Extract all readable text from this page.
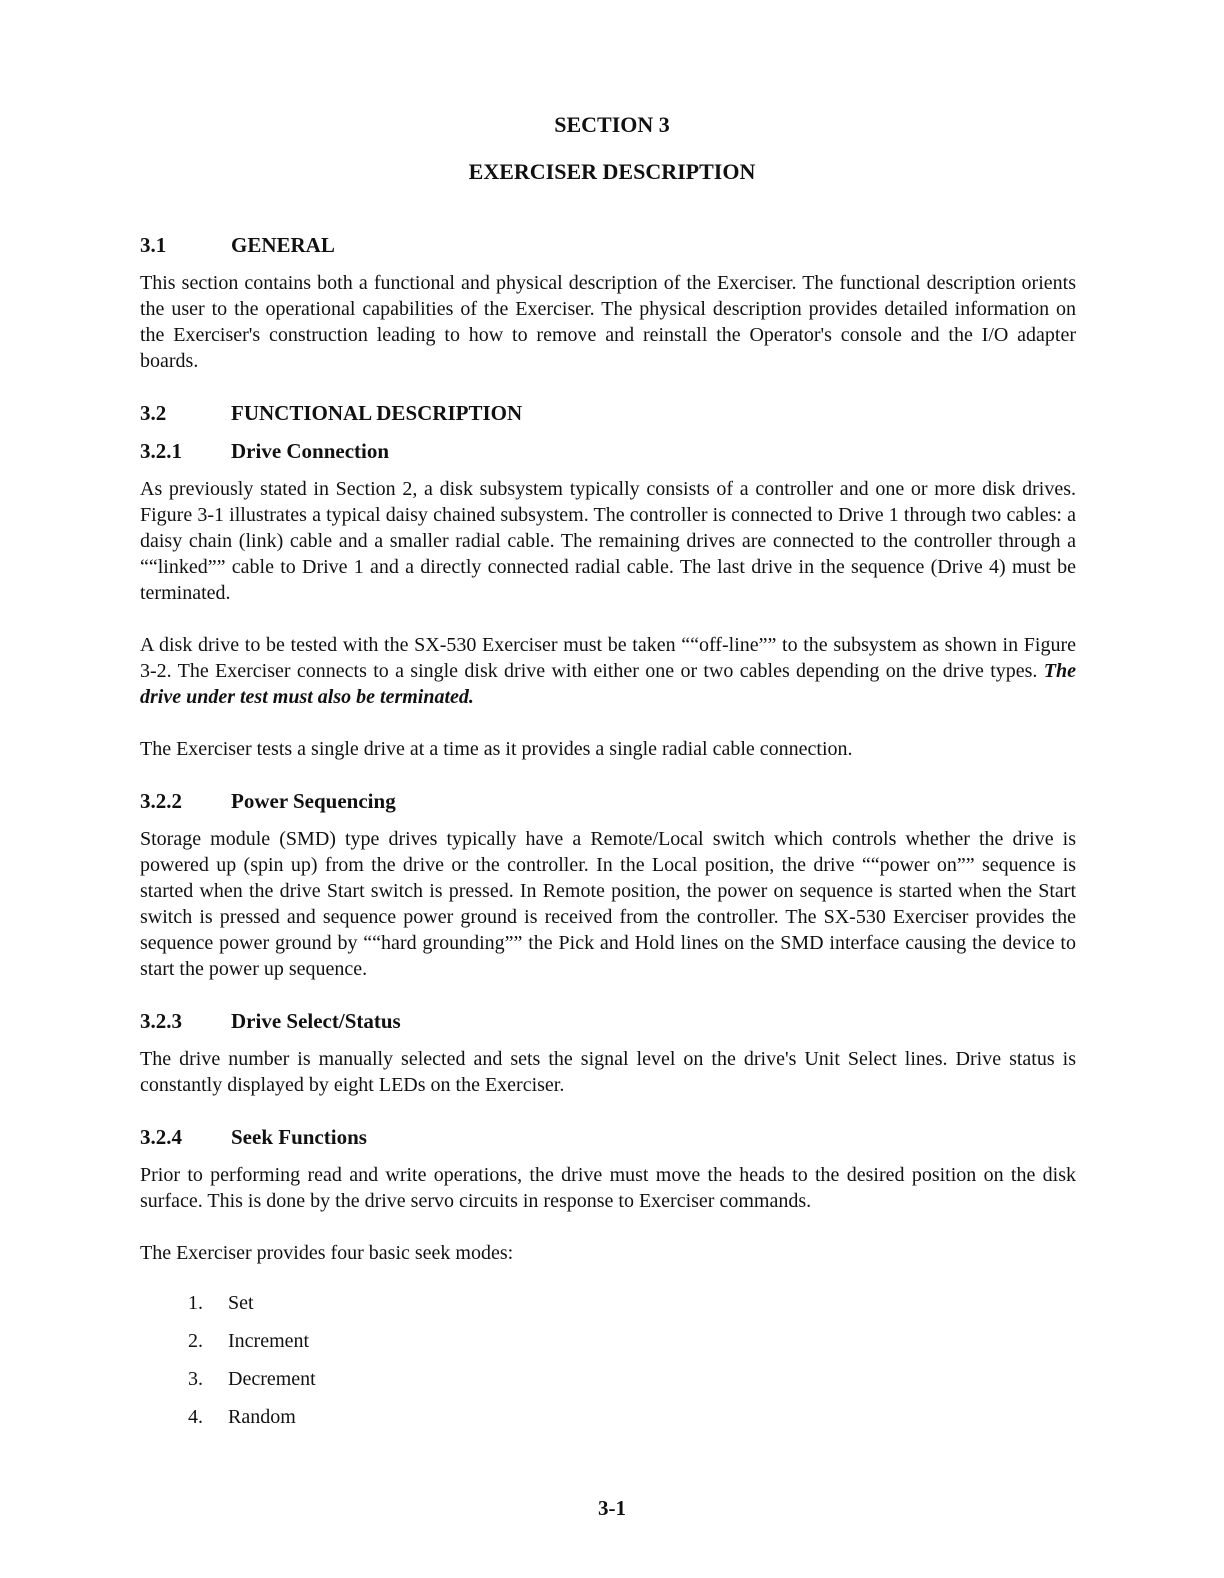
SECTION 3
EXERCISER DESCRIPTION
3.1	GENERAL

This section contains both a functional and physical description of the Exerciser. The functional description orients the user to the operational capabilities of the Exerciser. The physical description provides detailed information on the Exerciser's construction leading to how to remove and reinstall the Operator's console and the I/O adapter boards.

3.2	FUNCTIONAL DESCRIPTION
3.2.1	Drive Connection

As previously stated in Section 2, a disk subsystem typically consists of a controller and one or more disk drives. Figure 3-1 illustrates a typical daisy chained subsystem. The controller is connected to Drive 1 through two cables: a daisy chain (link) cable and a smaller radial cable. The remaining drives are connected to the controller through a ““linked”” cable to Drive 1 and a directly connected radial cable. The last drive in the sequence (Drive 4) must be terminated.

A disk drive to be tested with the SX-530 Exerciser must be taken ““off-line”” to the subsystem as shown in Figure 3-2. The Exerciser connects to a single disk drive with either one or two cables depending on the drive types. The drive under test must also be terminated.

The Exerciser tests a single drive at a time as it provides a single radial cable connection.

3.2.2	Power Sequencing

Storage module (SMD) type drives typically have a Remote/Local switch which controls whether the drive is powered up (spin up) from the drive or the controller. In the Local position, the drive ““power on”” sequence is started when the drive Start switch is pressed. In Remote position, the power on sequence is started when the Start switch is pressed and sequence power ground is received from the controller. The SX-530 Exerciser provides the sequence power ground by ““hard grounding”” the Pick and Hold lines on the SMD interface causing the device to start the power up sequence.

3.2.3	Drive Select/Status

The drive number is manually selected and sets the signal level on the drive's Unit Select lines. Drive status is constantly displayed by eight LEDs on the Exerciser.

3.2.4	Seek Functions

Prior to performing read and write operations, the drive must move the heads to the desired position on the disk surface. This is done by the drive servo circuits in response to Exerciser commands.

The Exerciser provides four basic seek modes:

1.	Set
2.	Increment
3.	Decrement
4.	Random
3-1
